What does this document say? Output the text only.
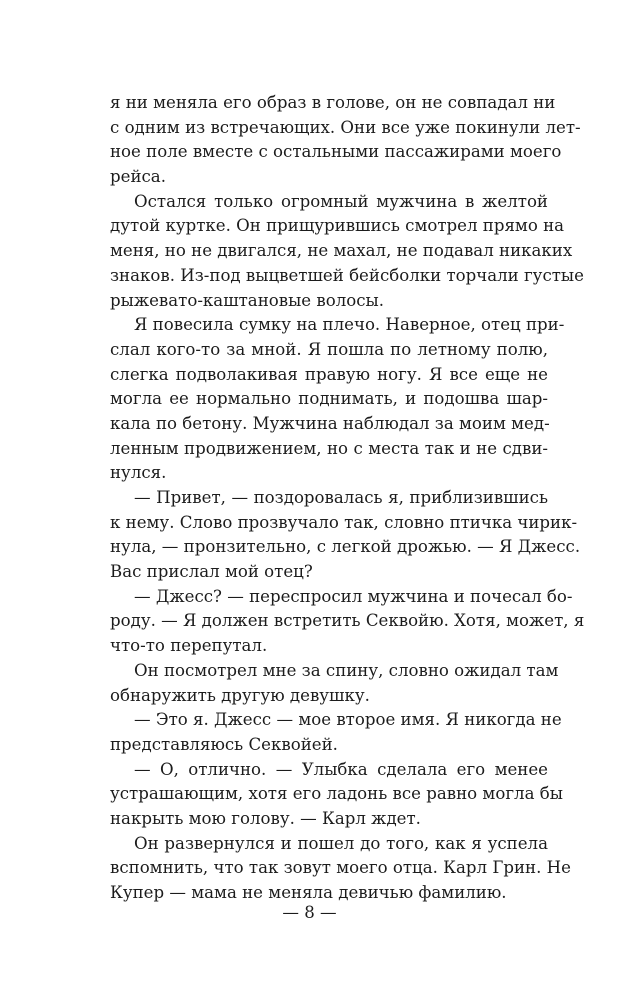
я ни меняла его образ в голове, он не совпадал ни
с одним из встречающих. Они все уже покинули лет-
ное поле вместе с остальными пассажирами моего
рейса.
Остался только огромный мужчина в желтой
дутой куртке. Он прищурившись смотрел прямо на
меня, но не двигался, не махал, не подавал никаких
знаков. Из-под выцветшей бейсболки торчали густые
рыжевато-каштановые волосы.
Я повесила сумку на плечо. Наверное, отец при-
слал кого-то за мной. Я пошла по летному полю,
слегка подволакивая правую ногу. Я все еще не
могла ее нормально поднимать, и подошва шар-
кала по бетону. Мужчина наблюдал за моим мед-
ленным продвижением, но с места так и не сдви-
нулся.
— Привет, — поздоровалась я, приблизившись
к нему. Слово прозвучало так, словно птичка чирик-
нула, — пронзительно, с легкой дрожью. — Я Джесс.
Вас прислал мой отец?
— Джесс? — переспросил мужчина и почесал бо-
роду. — Я должен встретить Секвойю. Хотя, может, я
что-то перепутал.
Он посмотрел мне за спину, словно ожидал там
обнаружить другую девушку.
— Это я. Джесс — мое второе имя. Я никогда не
представляюсь Секвойей.
— О, отлично. — Улыбка сделала его менее
устрашающим, хотя его ладонь все равно могла бы
накрыть мою голову. — Карл ждет.
Он развернулся и пошел до того, как я успела
вспомнить, что так зовут моего отца. Карл Грин. Не
Купер — мама не меняла девичью фамилию.
— 8 —
